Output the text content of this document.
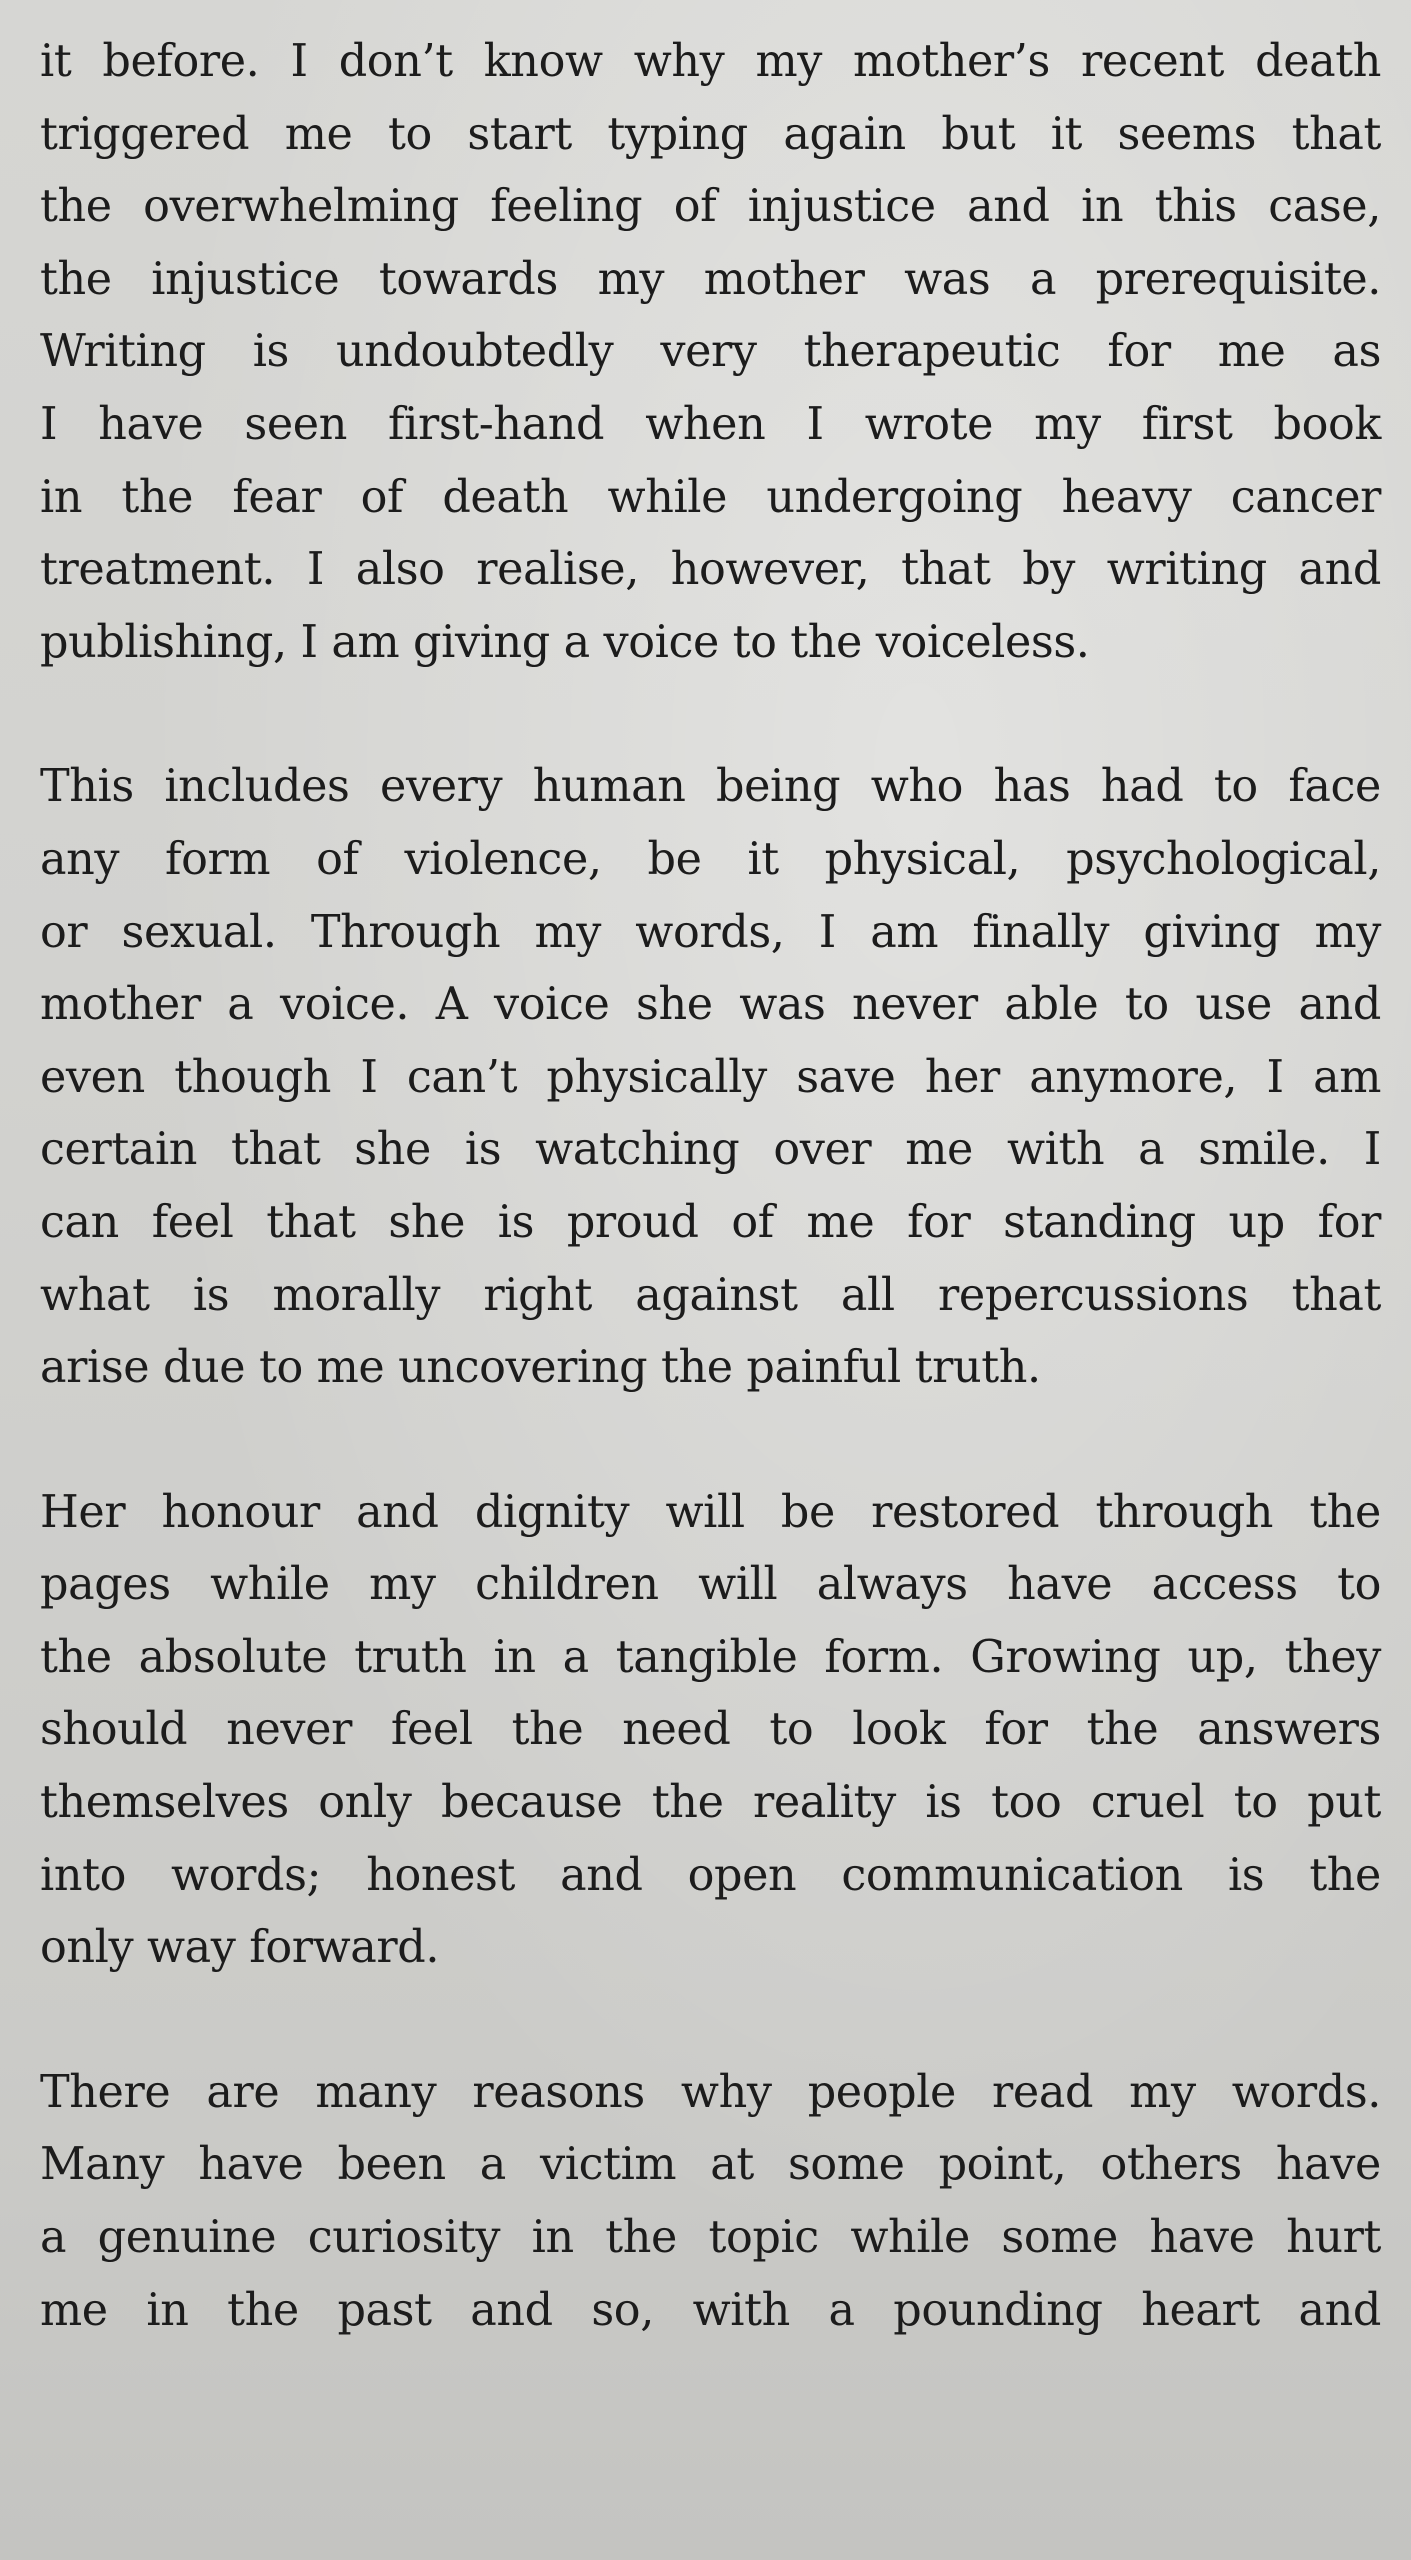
it before. I don’t know why my mother’s recent death
triggered me to start typing again but it seems that
the overwhelming feeling of injustice and in this case,
the injustice towards my mother was a prerequisite.
Writing is undoubtedly very therapeutic for me as
I have seen first-hand when I wrote my first book
in the fear of death while undergoing heavy cancer
treatment. I also realise, however, that by writing and
publishing, I am giving a voice to the voiceless.
This includes every human being who has had to face
any form of violence, be it physical, psychological,
or sexual. Through my words, I am finally giving my
mother a voice. A voice she was never able to use and
even though I can’t physically save her anymore, I am
certain that she is watching over me with a smile. I
can feel that she is proud of me for standing up for
what is morally right against all repercussions that
arise due to me uncovering the painful truth.
Her honour and dignity will be restored through the
pages while my children will always have access to
the absolute truth in a tangible form. Growing up, they
should never feel the need to look for the answers
themselves only because the reality is too cruel to put
into words; honest and open communication is the
only way forward.
There are many reasons why people read my words.
Many have been a victim at some point, others have
a genuine curiosity in the topic while some have hurt
me in the past and so, with a pounding heart and
